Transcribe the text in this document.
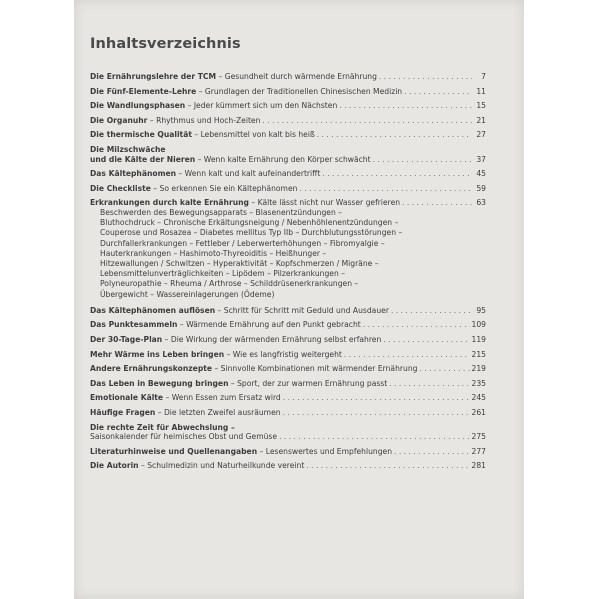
Inhaltsverzeichnis
Die Ernährungslehre der TCM – Gesundheit durch wärmende Ernährung . . .	7
Die Fünf-Elemente-Lehre – Grundlagen der Traditionellen Chinesischen Medizin . . .	11
Die Wandlungsphasen – Jeder kümmert sich um den Nächsten . . .	15
Die Organuhr – Rhythmus und Hoch-Zeiten . . .	21
Die thermische Qualität – Lebensmittel von kalt bis heiß . . .	27
Die Milzschwäche
und die Kälte der Nieren – Wenn kalte Ernährung den Körper schwächt . . .	37
Das Kältephänomen – Wenn kalt und kalt aufeinandertrifft . . .	45
Die Checkliste – So erkennen Sie ein Kältephänomen . . .	59
Erkrankungen durch kalte Ernährung – Kälte lässt nicht nur Wasser gefrieren . . .	63
Beschwerden des Bewegungsapparats – Blasenentzündungen –
Bluthochdruck – Chronische Erkältungsneigung / Nebenhöhlenentzündungen –
Couperose und Rosazea – Diabetes mellitus Typ IIb – Durchblutungsstörungen –
Durchfallerkrankungen – Fettleber / Leberwerterhöhungen – Fibromyalgie –
Hauterkrankungen – Hashimoto-Thyreoiditis – Heißhunger –
Hitzewallungen / Schwitzen – Hyperaktivität – Kopfschmerzen / Migräne –
Lebensmittelunverträglichkeiten – Lipödem – Pilzerkrankungen –
Polyneuropathie – Rheuma / Arthrose – Schilddrüsenerkrankungen –
Übergewicht – Wassereinlagerungen (Ödeme)
Das Kältephänomen auflösen – Schritt für Schritt mit Geduld und Ausdauer . . .	95
Das Punktesammeln – Wärmende Ernährung auf den Punkt gebracht . . .	109
Der 30-Tage-Plan – Die Wirkung der wärmenden Ernährung selbst erfahren . . .	119
Mehr Wärme ins Leben bringen – Wie es langfristig weitergeht . . .	215
Andere Ernährungskonzepte – Sinnvolle Kombinationen mit wärmender Ernährung . . .	219
Das Leben in Bewegung bringen – Sport, der zur warmen Ernährung passt . . .	235
Emotionale Kälte – Wenn Essen zum Ersatz wird . . .	245
Häufige Fragen – Die letzten Zweifel ausräumen . . .	261
Die rechte Zeit für Abwechslung –
Saisonkalender für heimisches Obst und Gemüse . . .	275
Literaturhinweise und Quellenangaben – Lesenswertes und Empfehlungen . . .	277
Die Autorin – Schulmedizin und Naturheilkunde vereint . . .	281
